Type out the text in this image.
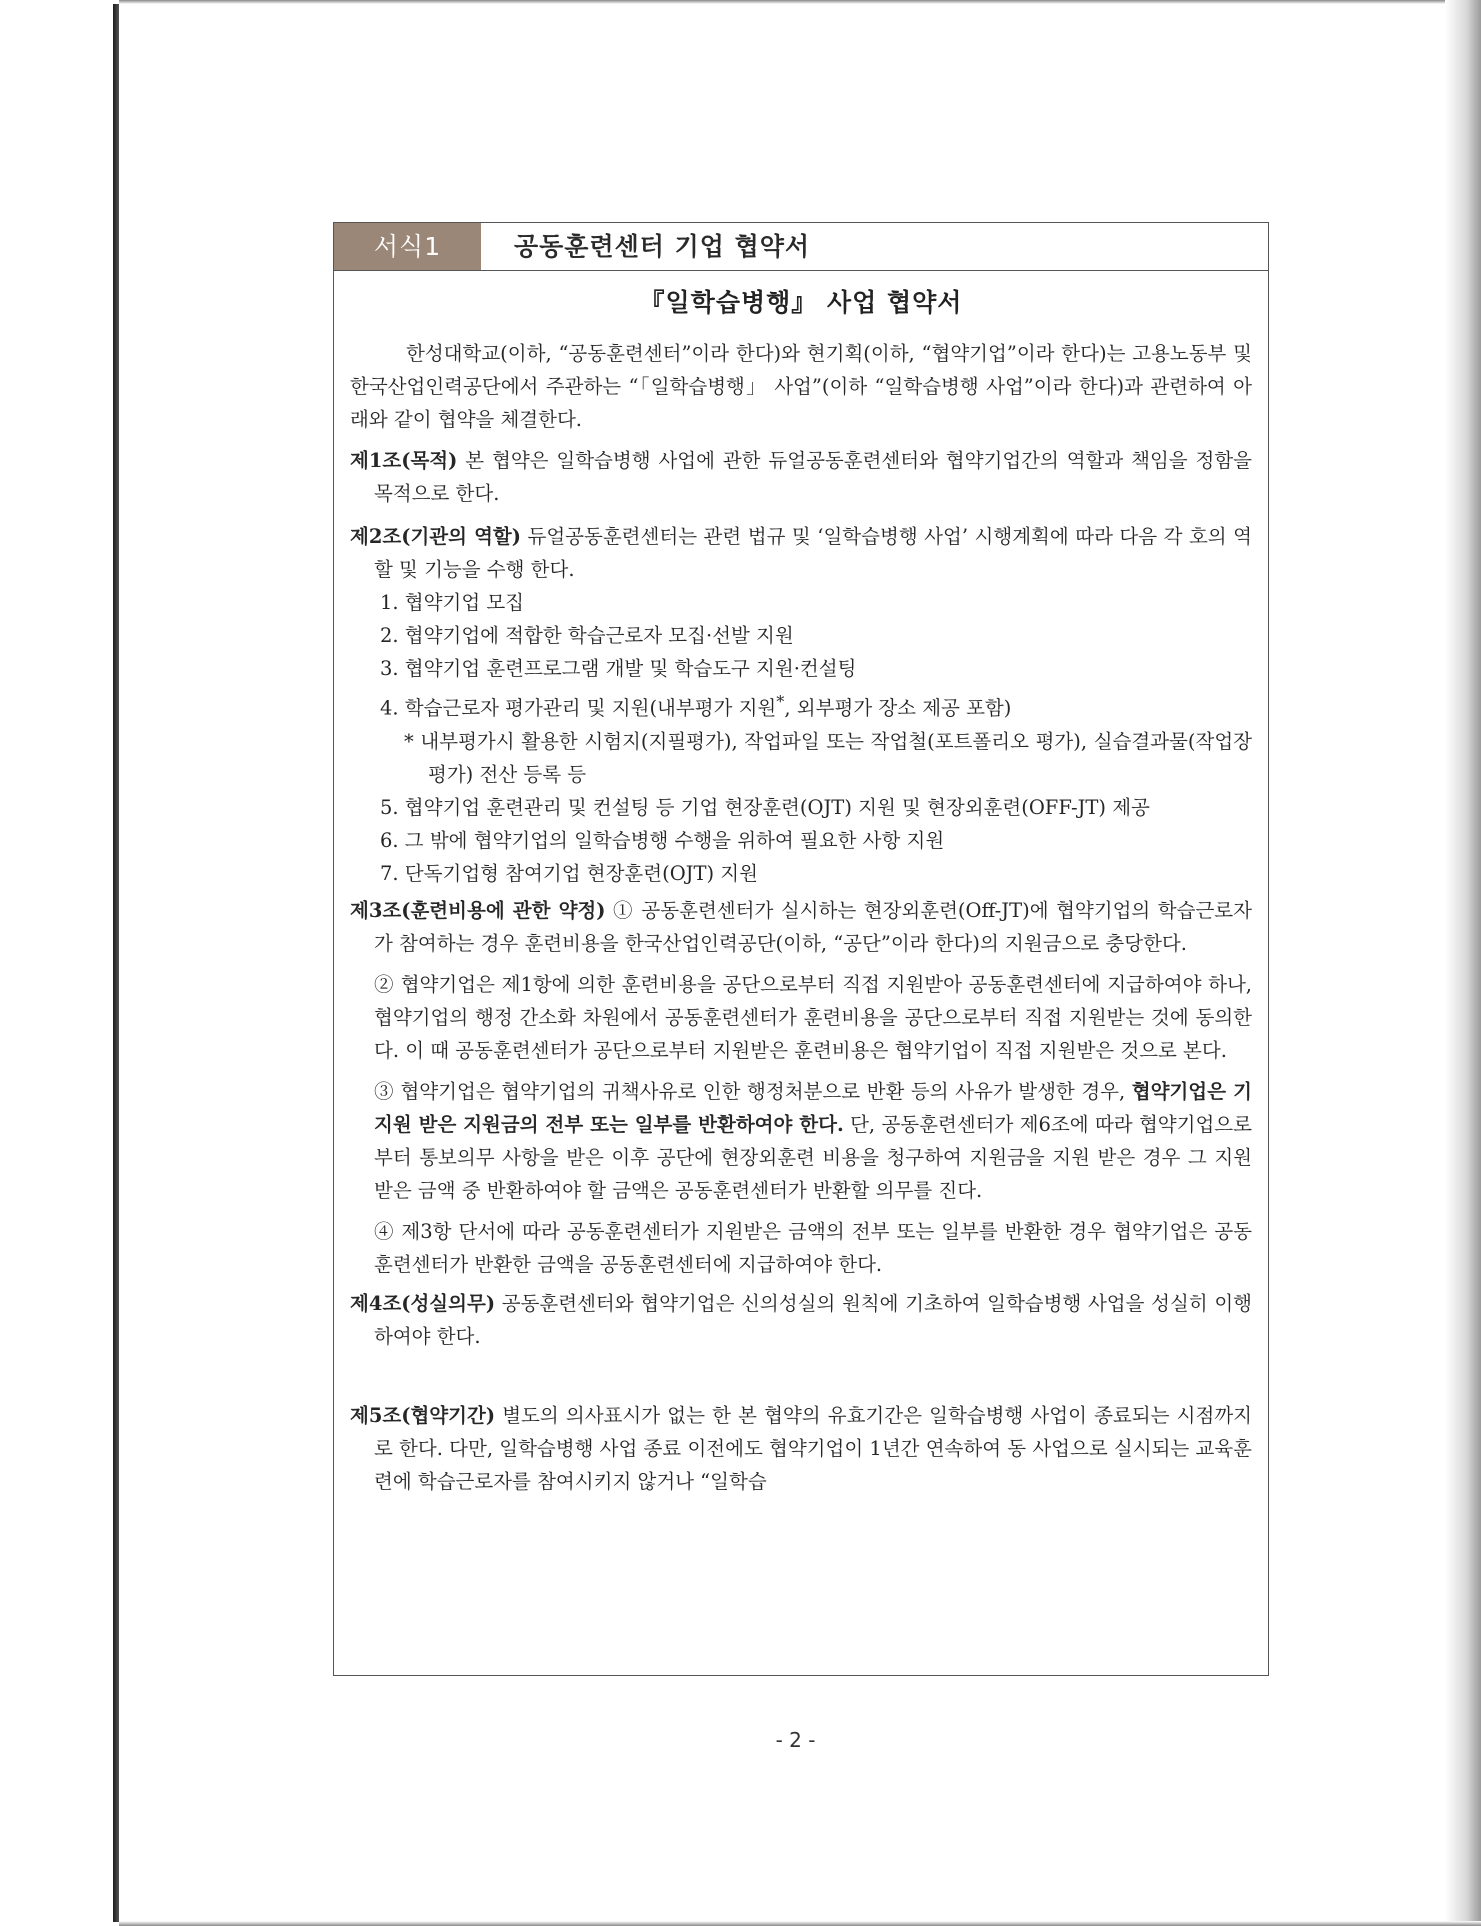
서식1	공동훈련센터 기업 협약서
『일학습병행』 사업 협약서

한성대학교(이하, “공동훈련센터”이라 한다)와 현기획(이하, “협약기업”이라 한다)는 고용노동부 및 한국산업인력공단에서 주관하는 “「일학습병행」 사업”(이하 “일학습병행 사업”이라 한다)과 관련하여 아래와 같이 협약을 체결한다.

제1조(목적) 본 협약은 일학습병행 사업에 관한 듀얼공동훈련센터와 협약기업간의 역할과 책임을 정함을 목적으로 한다.
제2조(기관의 역할) 듀얼공동훈련센터는 관련 법규 및 ‘일학습병행 사업’ 시행계획에 따라 다음 각 호의 역할 및 기능을 수행 한다.
1. 협약기업 모집
2. 협약기업에 적합한 학습근로자 모집·선발 지원
3. 협약기업 훈련프로그램 개발 및 학습도구 지원·컨설팅
4. 학습근로자 평가관리 및 지원(내부평가 지원*, 외부평가 장소 제공 포함)
* 내부평가시 활용한 시험지(지필평가), 작업파일 또는 작업철(포트폴리오 평가), 실습결과물(작업장 평가) 전산 등록 등
5. 협약기업 훈련관리 및 컨설팅 등 기업 현장훈련(OJT) 지원 및 현장외훈련(OFF-JT) 제공
6. 그 밖에 협약기업의 일학습병행 수행을 위하여 필요한 사항 지원
7. 단독기업형 참여기업 현장훈련(OJT) 지원
제3조(훈련비용에 관한 약정) ① 공동훈련센터가 실시하는 현장외훈련(Off-JT)에 협약기업의 학습근로자가 참여하는 경우 훈련비용을 한국산업인력공단(이하, “공단”이라 한다)의 지원금으로 충당한다.
② 협약기업은 제1항에 의한 훈련비용을 공단으로부터 직접 지원받아 공동훈련센터에 지급하여야 하나, 협약기업의 행정 간소화 차원에서 공동훈련센터가 훈련비용을 공단으로부터 직접 지원받는 것에 동의한다. 이 때 공동훈련센터가 공단으로부터 지원받은 훈련비용은 협약기업이 직접 지원받은 것으로 본다.
③ 협약기업은 협약기업의 귀책사유로 인한 행정처분으로 반환 등의 사유가 발생한 경우, 협약기업은 기지원 받은 지원금의 전부 또는 일부를 반환하여야 한다. 단, 공동훈련센터가 제6조에 따라 협약기업으로부터 통보의무 사항을 받은 이후 공단에 현장외훈련 비용을 청구하여 지원금을 지원 받은 경우 그 지원 받은 금액 중 반환하여야 할 금액은 공동훈련센터가 반환할 의무를 진다.
④ 제3항 단서에 따라 공동훈련센터가 지원받은 금액의 전부 또는 일부를 반환한 경우 협약기업은 공동훈련센터가 반환한 금액을 공동훈련센터에 지급하여야 한다.
제4조(성실의무) 공동훈련센터와 협약기업은 신의성실의 원칙에 기초하여 일학습병행 사업을 성실히 이행하여야 한다.
제5조(협약기간) 별도의 의사표시가 없는 한 본 협약의 유효기간은 일학습병행 사업이 종료되는 시점까지로 한다. 다만, 일학습병행 사업 종료 이전에도 협약기업이 1년간 연속하여 동 사업으로 실시되는 교육훈련에 학습근로자를 참여시키지 않거나 “일학습
- 2 -
